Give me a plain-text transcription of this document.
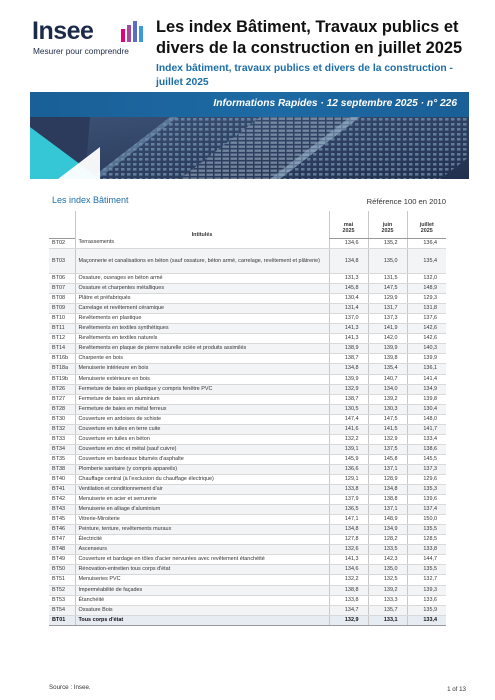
Insee
Mesurer pour comprendre
Les index Bâtiment, Travaux publics et divers de la construction en juillet 2025
Index bâtiment, travaux publics et divers de la construction - juillet 2025
Informations Rapides · 12 septembre 2025 · n° 226
Les index Bâtiment	Référence 100 en 2010
	Intitulés	mai	juin	juillet
		2025	2025	2025
BT02	Terrassements	134,6	135,2	136,4
BT03	Maçonnerie et canalisations en béton (sauf ossature, béton armé, carrelage, revêtement et plâtrerie)	134,8	135,0	135,4
BT06	Ossature, ouvrages en béton armé	131,3	131,5	132,0
BT07	Ossature et charpentes métalliques	145,8	147,5	148,9
BT08	Plâtre et préfabriqués	130,4	129,9	129,3
BT09	Carrelage et revêtement céramique	131,4	131,7	131,8
BT10	Revêtements en plastique	137,0	137,3	137,6
BT11	Revêtements en textiles synthétiques	141,3	141,9	142,6
BT12	Revêtements en textiles naturels	141,3	142,0	142,6
BT14	Revêtements en plaque de pierre naturelle sciée et produits assimilés	138,9	139,9	140,3
BT16b	Charpente en bois	138,7	139,8	139,9
BT18a	Menuiserie intérieure en bois	134,8	135,4	136,1
BT19b	Menuiserie extérieure en bois	139,9	140,7	141,4
BT26	Fermeture de baies en plastique y compris fenêtre PVC	132,9	134,0	134,9
BT27	Fermeture de baies en aluminium	138,7	139,2	139,8
BT28	Fermeture de baies en métal ferreux	130,5	130,3	130,4
BT30	Couverture en ardoises de schiste	147,4	147,5	148,0
BT32	Couverture en tuiles en terre cuite	141,6	141,5	141,7
BT33	Couverture en tuiles en béton	132,2	132,9	133,4
BT34	Couverture en zinc et métal (sauf cuivre)	139,1	137,5	138,6
BT35	Couverture en bardeaux bitumés d'asphalte	145,9	145,8	145,5
BT38	Plomberie sanitaire (y compris appareils)	136,6	137,1	137,3
BT40	Chauffage central (à l'exclusion du chauffage électrique)	129,1	128,9	129,6
BT41	Ventilation et conditionnement d'air	133,8	134,8	135,3
BT42	Menuiserie en acier et serrurerie	137,9	138,8	139,6
BT43	Menuiserie en alliage d'aluminium	136,5	137,1	137,4
BT45	Vitrerie-Miroiterie	147,1	148,9	150,0
BT46	Peinture, tenture, revêtements muraux	134,8	134,9	135,5
BT47	Électricité	127,8	128,2	128,5
BT48	Ascenseurs	132,6	133,5	133,8
BT49	Couverture et bardage en tôles d'acier nervurées avec revêtement étanchéité	141,3	142,3	144,7
BT50	Rénovation-entretien tous corps d'état	134,6	135,0	135,5
BT51	Menuiseries PVC	132,2	132,5	132,7
BT52	Imperméabilité de façades	138,8	139,2	139,3
BT53	Étanchéité	133,8	133,3	133,6
BT54	Ossature Bois	134,7	135,7	135,9
BT01	Tous corps d'état	132,9	133,1	133,4
Source : Insee.	1 of 13
